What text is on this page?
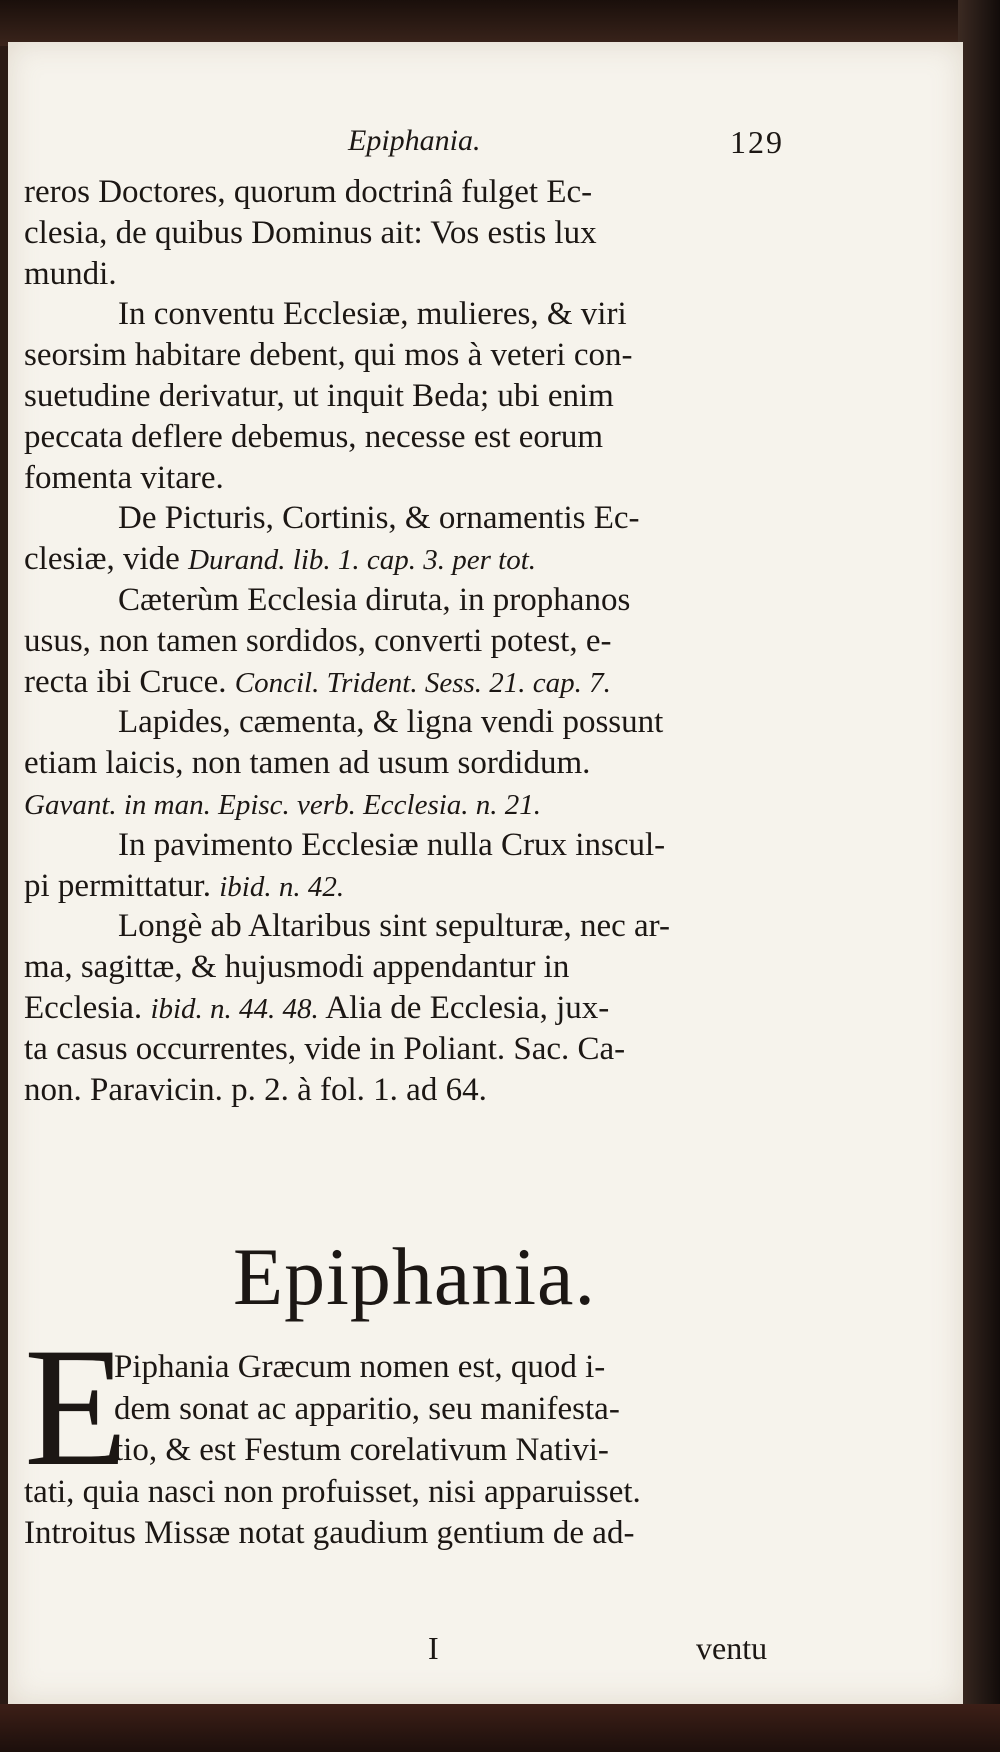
Epiphania.	129
reros Doctores, quorum doctrinâ fulget Ec-
clesia, de quibus Dominus ait: Vos estis lux
mundi.
In conventu Ecclesiæ, mulieres, & viri
seorsim habitare debent, qui mos à veteri con-
suetudine derivatur, ut inquit Beda; ubi enim
peccata deflere debemus, necesse est eorum
fomenta vitare.
De Picturis, Cortinis, & ornamentis Ec-
clesiæ, vide Durand. lib. 1. cap. 3. per tot.
Cæterùm Ecclesia diruta, in prophanos
usus, non tamen sordidos, converti potest, e-
recta ibi Cruce. Concil. Trident. Sess. 21. cap. 7.
Lapides, cæmenta, & ligna vendi possunt
etiam laicis, non tamen ad usum sordidum.
Gavant. in man. Episc. verb. Ecclesia. n. 21.
In pavimento Ecclesiæ nulla Crux inscul-
pi permittatur. ibid. n. 42.
Longè ab Altaribus sint sepulturæ, nec ar-
ma, sagittæ, & hujusmodi appendantur in
Ecclesia. ibid. n. 44. 48. Alia de Ecclesia, jux-
ta casus occurrentes, vide in Poliant. Sac. Ca-
non. Paravicin. p. 2. à fol. 1. ad 64.
Epiphania.
E
Piphania Græcum nomen est, quod i-
dem sonat ac apparitio, seu manifesta-
tio, & est Festum corelativum Nativi-
tati, quia nasci non profuisset, nisi apparuisset.
Introitus Missæ notat gaudium gentium de ad-
I	ventu
